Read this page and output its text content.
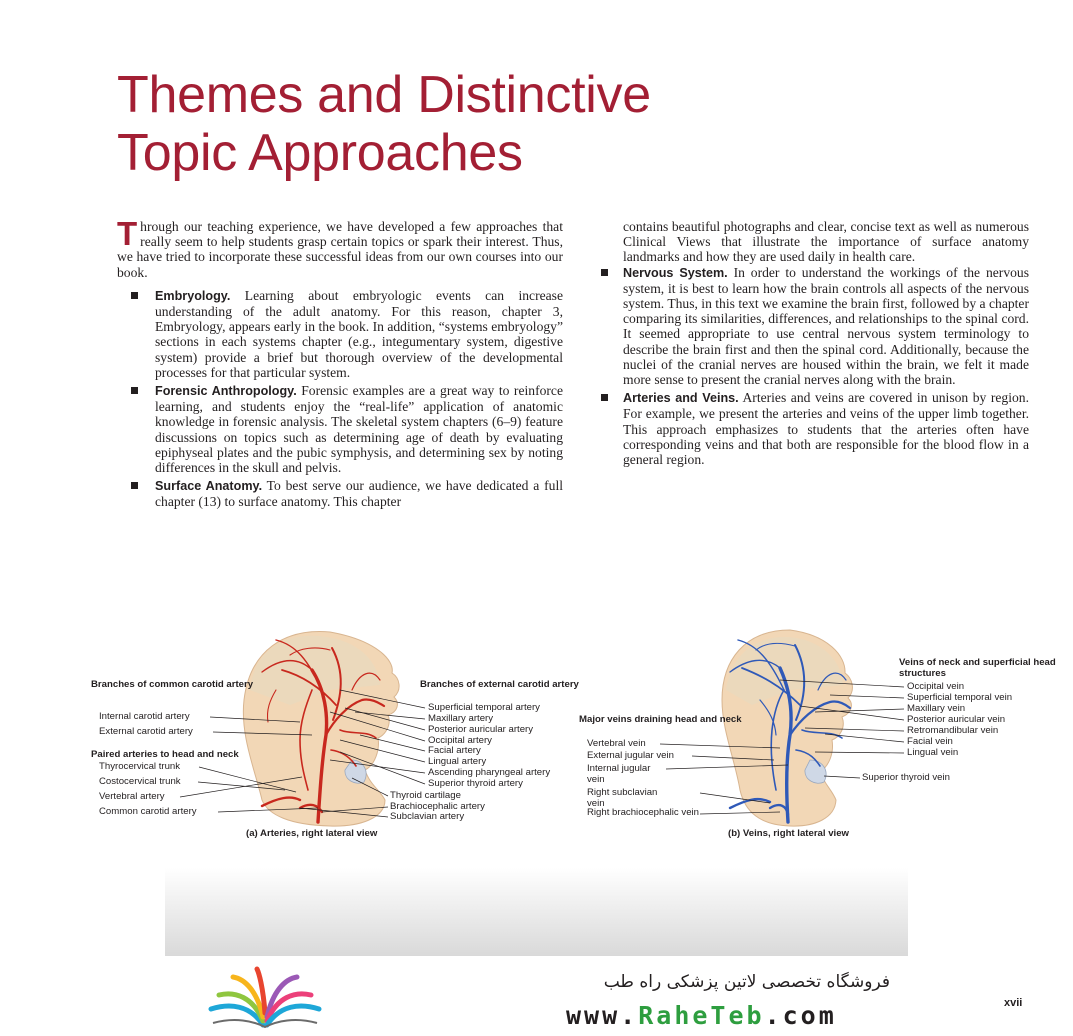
Themes and Distinctive
Topic Approaches

Through our teaching experience, we have developed a few approaches that really seem to help students grasp certain topics or spark their interest. Thus, we have tried to incorporate these successful ideas from our own courses into our book.

Embryology. Learning about embryologic events can increase understanding of the adult anatomy. For this reason, chapter 3, Embryology, appears early in the book. In addition, “systems embryology” sections in each systems chapter (e.g., integumentary system, digestive system) provide a brief but thorough overview of the developmental processes for that particular system.
Forensic Anthropology. Forensic examples are a great way to reinforce learning, and students enjoy the “real-life” application of anatomic knowledge in forensic analysis. The skeletal system chapters (6–9) feature discussions on topics such as determining age of death by evaluating epiphyseal plates and the pubic symphysis, and determining sex by noting differences in the skull and pelvis.
Surface Anatomy. To best serve our audience, we have dedicated a full chapter (13) to surface anatomy. This chapter

contains beautiful photographs and clear, concise text as well as numerous Clinical Views that illustrate the importance of surface anatomy landmarks and how they are used daily in health care.

Nervous System. In order to understand the workings of the nervous system, it is best to learn how the brain controls all aspects of the nervous system. Thus, in this text we examine the brain first, followed by a chapter comparing its similarities, differences, and relationships to the spinal cord. It seemed appropriate to use central nervous system terminology to describe the brain first and then the spinal cord. Additionally, because the nuclei of the cranial nerves are housed within the brain, we felt it made more sense to present the cranial nerves along with the brain.
Arteries and Veins. Arteries and veins are covered in unison by region. For example, we present the arteries and veins of the upper limb together. This approach emphasizes to students that the arteries often have corresponding veins and that both are responsible for the blood flow in a general region.
Branches of common carotid artery
Internal carotid artery
External carotid artery
Paired arteries to head and neck
Thyrocervical trunk
Costocervical trunk
Vertebral artery
Common carotid artery
Branches of external carotid artery
Superficial temporal artery
Maxillary artery
Posterior auricular artery
Occipital artery
Facial artery
Lingual artery
Ascending pharyngeal artery
Superior thyroid artery
Thyroid cartilage
Brachiocephalic artery
Subclavian artery
(a) Arteries, right lateral view
Major veins draining head and neck
Vertebral vein
External jugular vein
Internal jugular vein
Right subclavian vein
Right brachiocephalic vein
Veins of neck and superficial head structures
Occipital vein
Superficial temporal vein
Maxillary vein
Posterior auricular vein
Retromandibular vein
Facial vein
Lingual vein
Superior thyroid vein
(b) Veins, right lateral view
فروشگاه تخصصی لاتین پزشکی راه طب
www.RaheTeb.com	xvii
